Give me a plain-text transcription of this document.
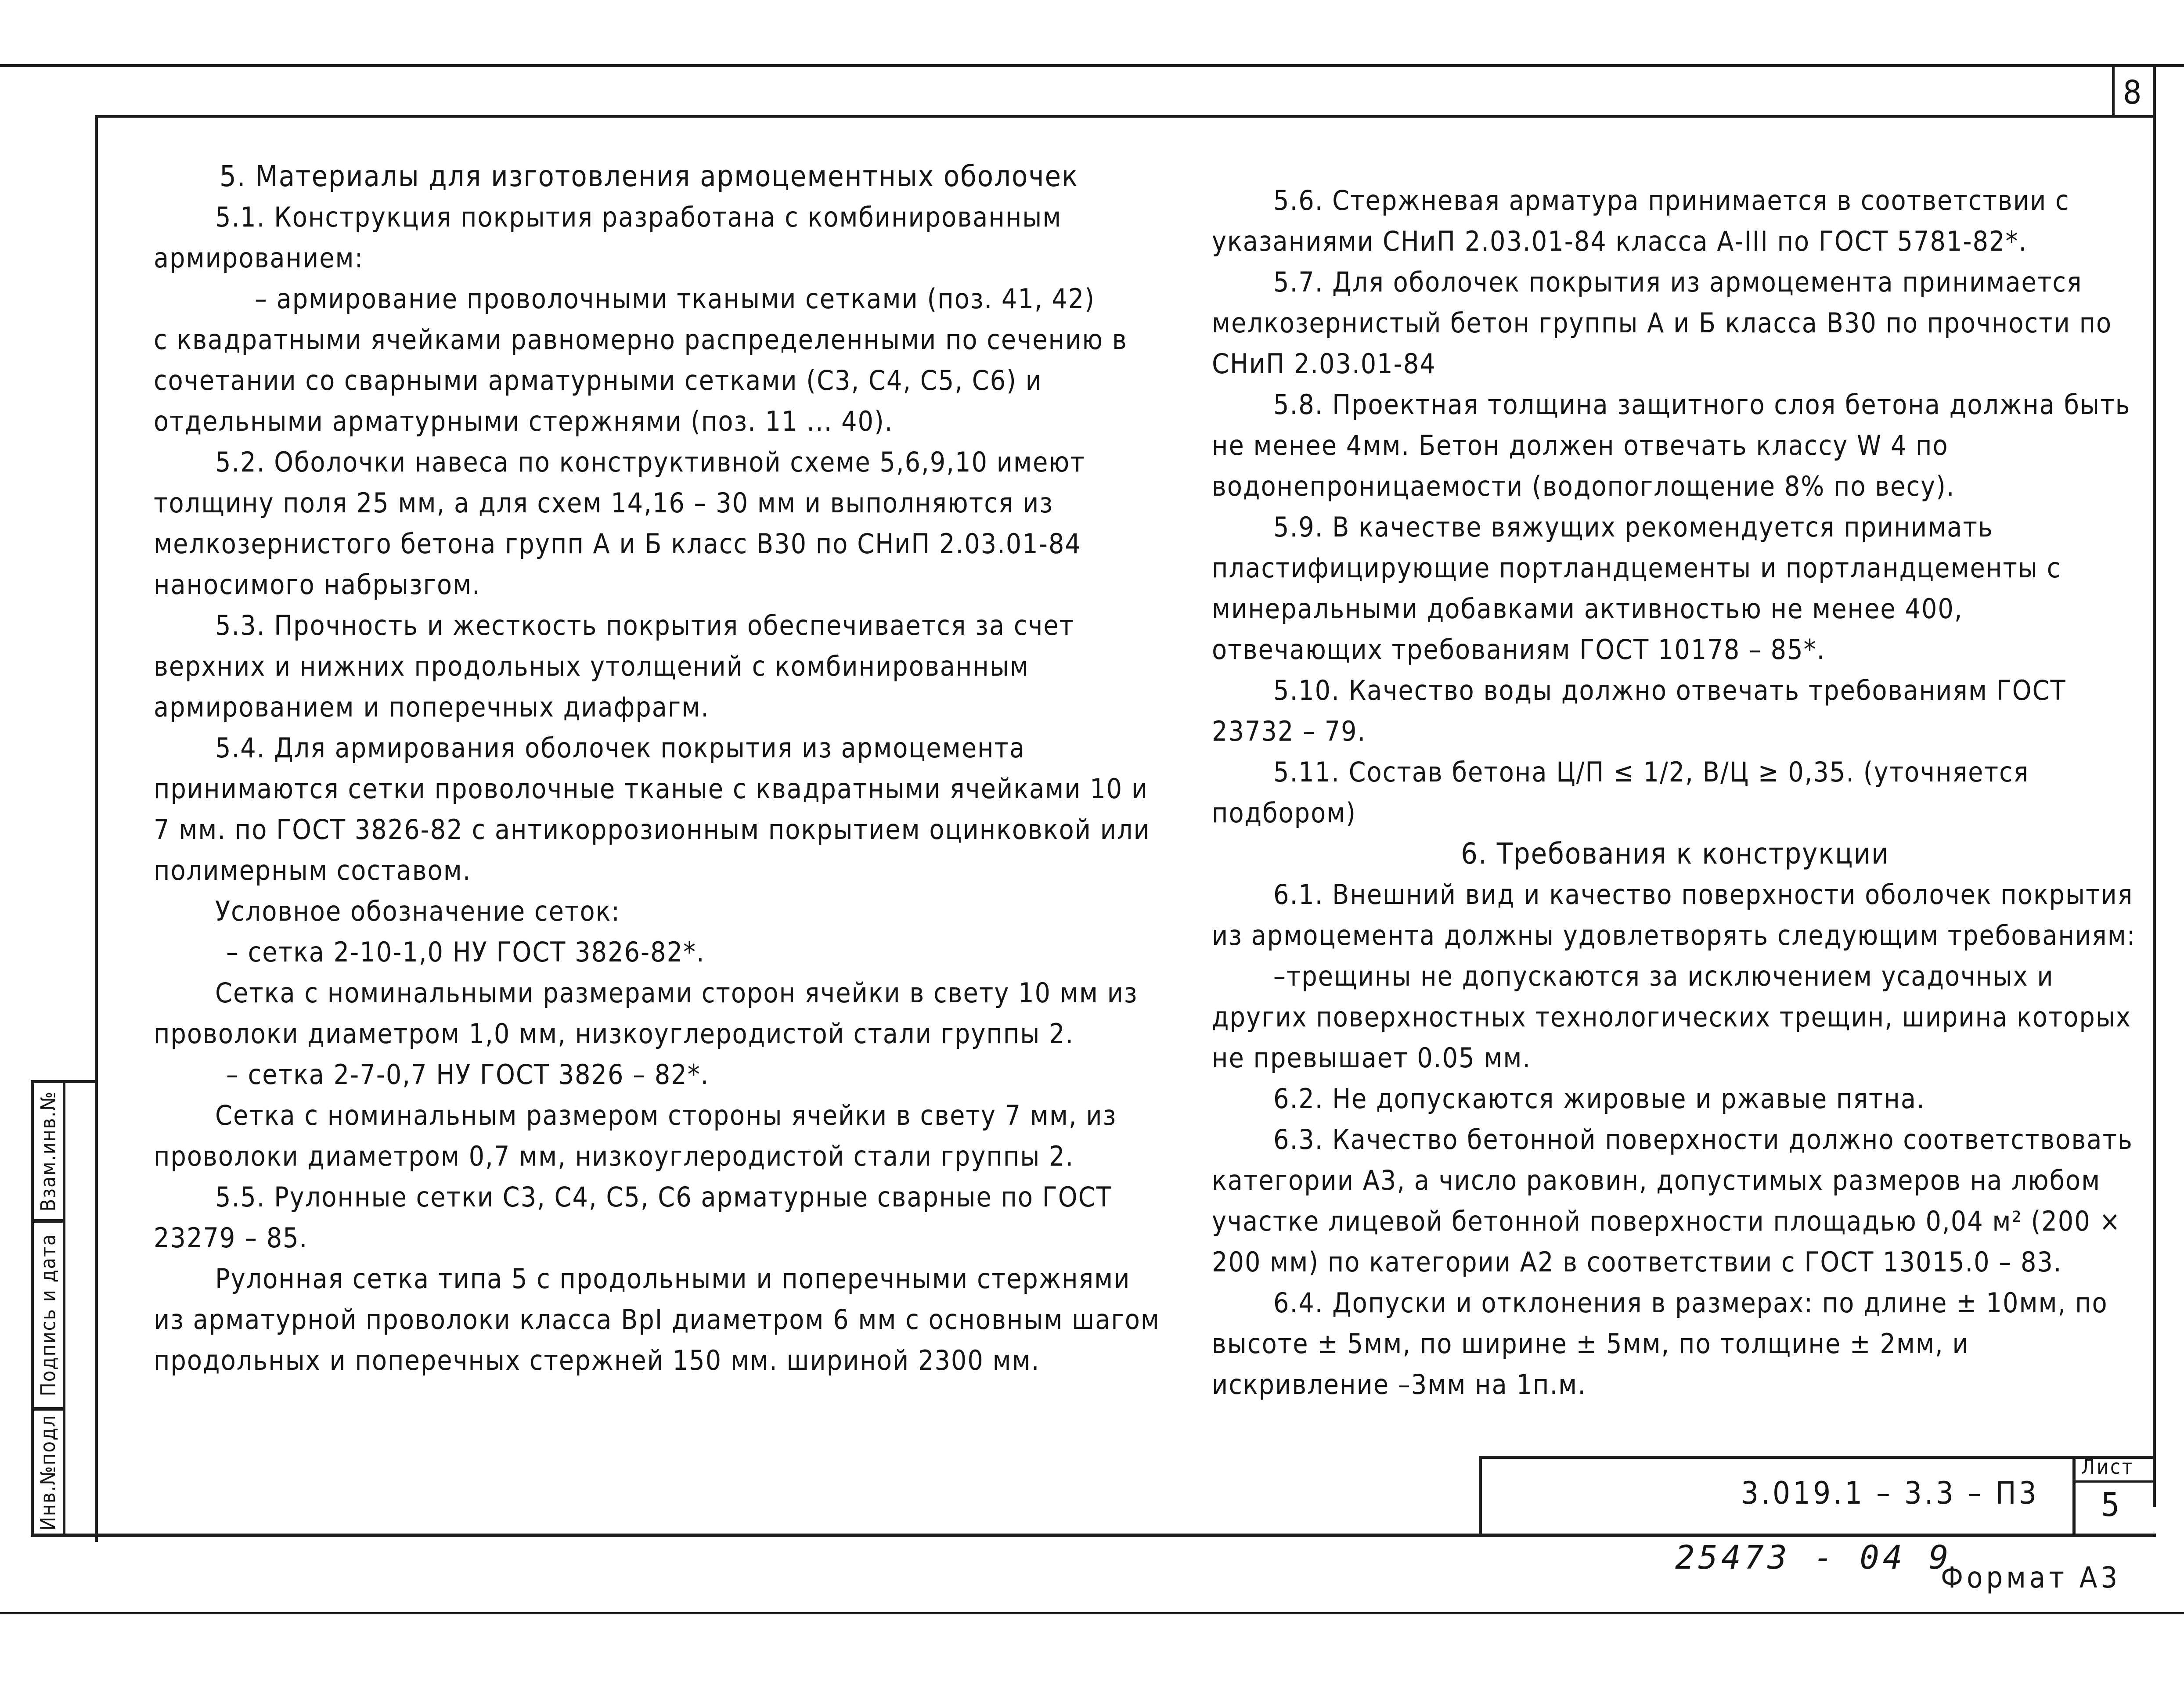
8
Взам.инв.№
Подпись и дата
Инв.№подл

5. Материалы для изготовления армоцементных оболочек

5.1. Конструкция покрытия разработана с комбинированным армированием:

– армирование проволочными ткаными сетками (поз. 41, 42)

с квадратными ячейками равномерно распределенными по сечению в сочетании со сварными арматурными сетками (С3, С4, С5, С6) и отдельными арматурными стержнями (поз. 11 ... 40).

5.2. Оболочки навеса по конструктивной схеме 5,6,9,10 имеют толщину поля 25 мм, а для схем 14,16 – 30 мм и выполняются из мелкозернистого бетона групп А и Б класс В30 по СНиП 2.03.01-84 наносимого набрызгом.

5.3. Прочность и жесткость покрытия обеспечивается за счет верхних и нижних продольных утолщений с комбинированным армированием и поперечных диафрагм.

5.4. Для армирования оболочек покрытия из армоцемента принимаются сетки проволочные тканые с квадратными ячейками 10 и 7 мм. по ГОСТ 3826-82 с антикоррозионным покрытием оцинковкой или полимерным составом.

Условное обозначение сеток:

– сетка 2-10-1,0 НУ ГОСТ 3826-82*.

Сетка с номинальными размерами сторон ячейки в свету 10 мм из проволоки диаметром 1,0 мм, низкоуглеродистой стали группы 2.

– сетка 2-7-0,7 НУ ГОСТ 3826 – 82*.

Сетка с номинальным размером стороны ячейки в свету 7 мм, из проволоки диаметром 0,7 мм, низкоуглеродистой стали группы 2.

5.5. Рулонные сетки С3, С4, С5, С6 арматурные сварные по ГОСТ 23279 – 85.

Рулонная сетка типа 5 с продольными и поперечными стержнями из арматурной проволоки класса ВрI диаметром 6 мм с основным шагом продольных и поперечных стержней 150 мм. шириной 2300 мм.

5.6. Стержневая арматура принимается в соответствии с указаниями СНиП 2.03.01-84 класса А-III по ГОСТ 5781-82*.

5.7. Для оболочек покрытия из армоцемента принимается мелкозернистый бетон группы А и Б класса В30 по прочности по СНиП 2.03.01-84

5.8. Проектная толщина защитного слоя бетона должна быть не менее 4мм. Бетон должен отвечать классу W 4 по водонепроницаемости (водопоглощение 8% по весу).

5.9. В качестве вяжущих рекомендуется принимать пластифицирующие портландцементы и портландцементы с минеральными добавками активностью не менее 400, отвечающих требованиям ГОСТ 10178 – 85*.

5.10. Качество воды должно отвечать требованиям ГОСТ 23732 – 79.

5.11. Состав бетона Ц/П ≤ 1/2, В/Ц ≥ 0,35. (уточняется подбором)

6. Требования к конструкции

6.1. Внешний вид и качество поверхности оболочек покрытия из армоцемента должны удовлетворять следующим требованиям:

–трещины не допускаются за исключением усадочных и других поверхностных технологических трещин, ширина которых не превышает 0.05 мм.

6.2. Не допускаются жировые и ржавые пятна.

6.3. Качество бетонной поверхности должно соответствовать категории А3, а число раковин, допустимых размеров на любом участке лицевой бетонной поверхности площадью 0,04 м² (200 × 200 мм) по категории А2 в соответствии с ГОСТ 13015.0 – 83.

6.4. Допуски и отклонения в размерах: по длине ± 10мм, по высоте ± 5мм, по ширине ± 5мм, по толщине ± 2мм, и искривление –3мм на 1п.м.

3.019.1 – 3.3 – П3
Лист
5
25473 - 04 9
Формат А3
